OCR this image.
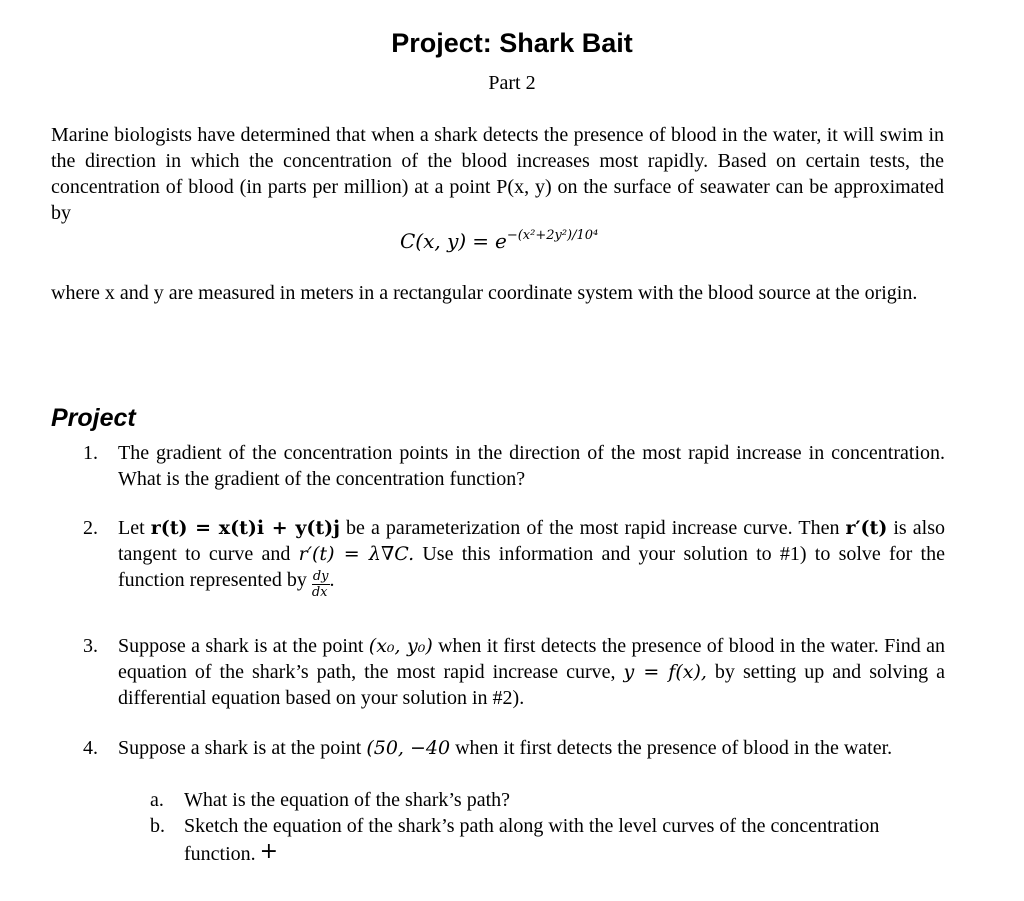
Project: Shark Bait
Part 2
Marine biologists have determined that when a shark detects the presence of blood in the water, it will swim in the direction in which the concentration of the blood increases most rapidly. Based on certain tests, the concentration of blood (in parts per million) at a point P(x, y) on the surface of seawater can be approximated by
C(x, $y) = e^{-(x^2+2y^2)/10^4}$
where x and y are measured in meters in a rectangular coordinate system with the blood source at the origin.
Project
1. The gradient of the concentration points in the direction of the most rapid increase in concentration. What is the gradient of the concentration function?
2. Let r(t) = x(t)i + y(t)j be a parameterization of the most rapid increase curve. Then r′(t) is also tangent to curve and r′(t) = λ∇C. Use this information and your solution to #1) to solve for the function represented by $\frac{dy}{dx}$ .
3. Suppose a shark is at the point (x₀, y₀) when it first detects the presence of blood in the water. Find an equation of the shark’s path, the most rapid increase curve, y = f(x), by setting up and solving a differential equation based on your solution in #2).
4. Suppose a shark is at the point (50, −40 when it first detects the presence of blood in the water.
a. What is the equation of the shark’s path?
b. Sketch the equation of the shark’s path along with the level curves of the concentration function. +
